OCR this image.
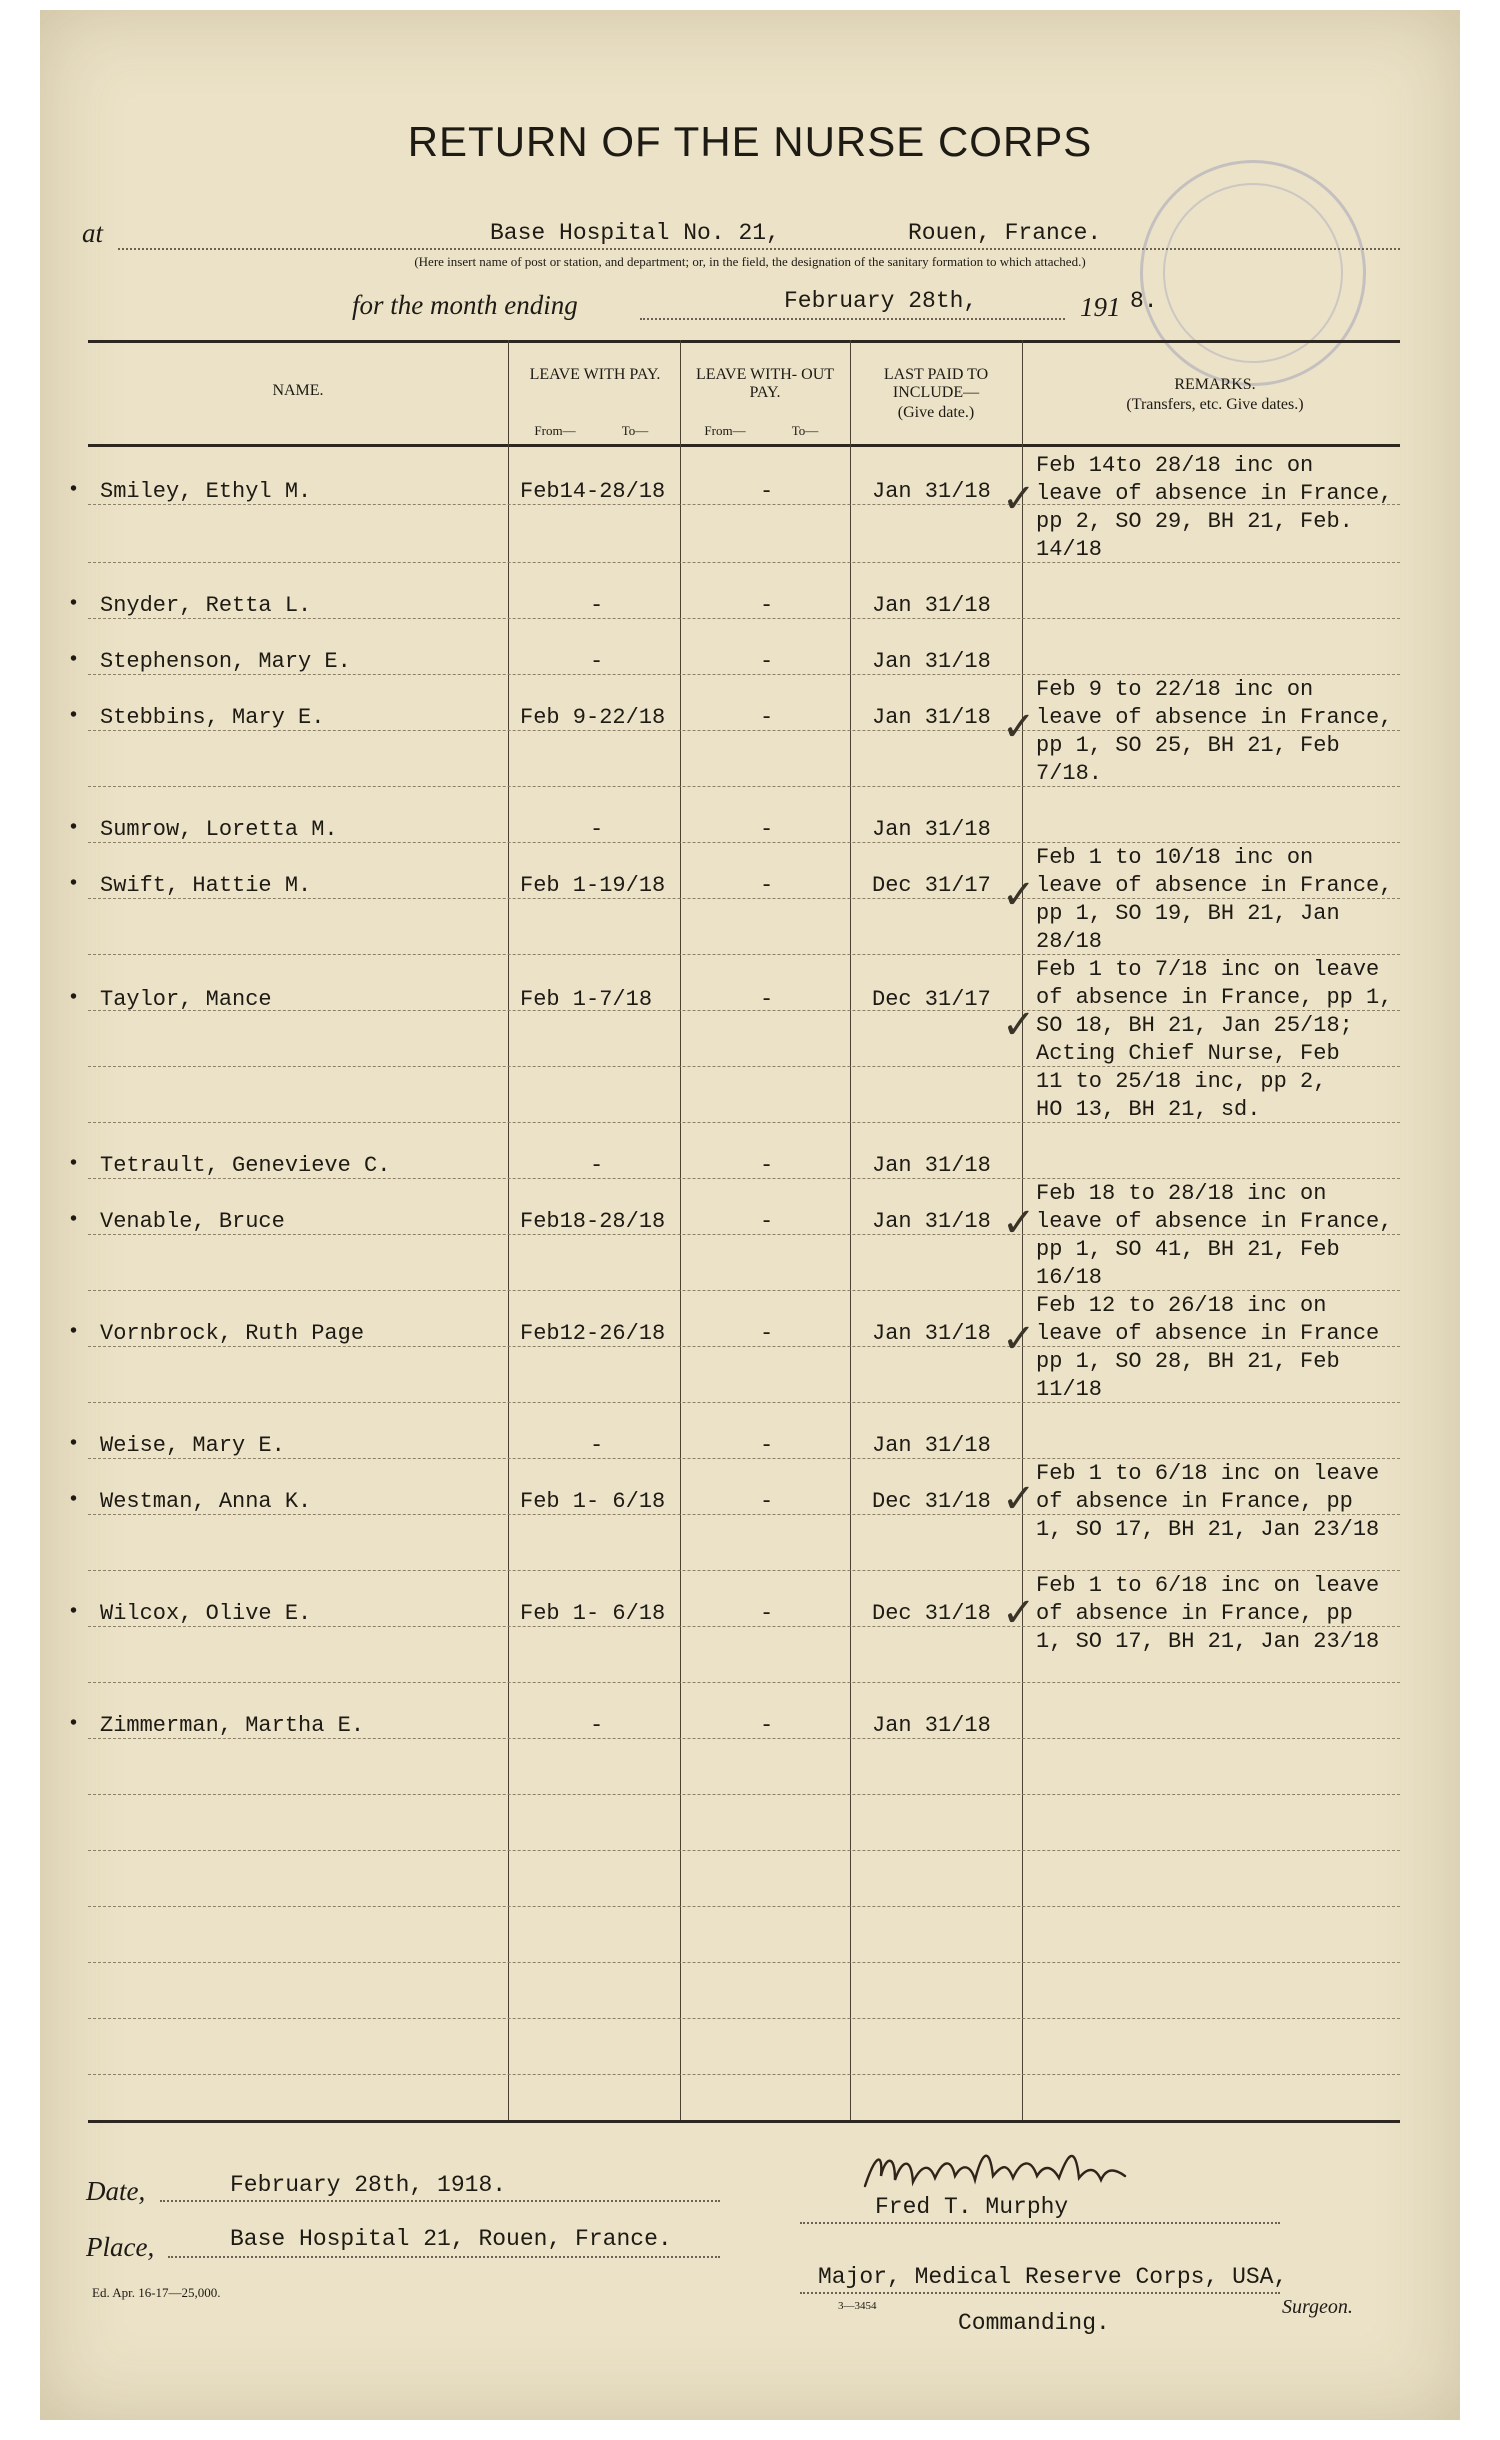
RETURN OF THE NURSE CORPS
at	Base Hospital No. 21,	Rouen, France.
(Here insert name of post or station, and department; or, in the field, the designation of the sanitary formation to which attached.)
for the month ending	February 28th,	191 8.
NAME.
LEAVE WITH PAY.
From—	To—
LEAVE WITH- OUT PAY.
From—	To—
LAST PAID TO INCLUDE—
(Give date.)
REMARKS.
(Transfers, etc. Give dates.)
• Smiley, Ethyl M.	Feb14-28/18	-	Jan 31/18 ✓
Feb 14to 28/18 inc on
leave of absence in France,
pp 2, SO 29, BH 21, Feb.
14/18
• Snyder, Retta L.	-	-	Jan 31/18
• Stephenson, Mary E.	-	-	Jan 31/18
• Stebbins, Mary E.	Feb 9-22/18	-	Jan 31/18 ✓
Feb 9 to 22/18 inc on
leave of absence in France,
pp 1, SO 25, BH 21, Feb
7/18.
• Sumrow, Loretta M.	-	-	Jan 31/18
• Swift, Hattie M.	Feb 1-19/18	-	Dec 31/17 ✓
Feb 1 to 10/18 inc on
leave of absence in France,
pp 1, SO 19, BH 21, Jan
28/18
• Taylor, Mance	Feb 1-7/18	-	Dec 31/17
✓
Feb 1 to 7/18 inc on leave
of absence in France, pp 1,
SO 18, BH 21, Jan 25/18;
Acting Chief Nurse, Feb
11 to 25/18 inc, pp 2,
HO 13, BH 21, sd.
• Tetrault, Genevieve C.	-	-	Jan 31/18
• Venable, Bruce	Feb18-28/18	-	Jan 31/18 ✓
Feb 18 to 28/18 inc on
leave of absence in France,
pp 1, SO 41, BH 21, Feb
16/18
• Vornbrock, Ruth Page	Feb12-26/18	-	Jan 31/18 ✓
Feb 12 to 26/18 inc on
leave of absence in France
pp 1, SO 28, BH 21, Feb
11/18
• Weise, Mary E.	-	-	Jan 31/18
• Westman, Anna K.	Feb 1- 6/18	-	Dec 31/18 ✓
Feb 1 to 6/18 inc on leave
of absence in France, pp
1, SO 17, BH 21, Jan 23/18
• Wilcox, Olive E.	Feb 1- 6/18	-	Dec 31/18 ✓
Feb 1 to 6/18 inc on leave
of absence in France, pp
1, SO 17, BH 21, Jan 23/18
• Zimmerman, Martha E.	-	-	Jan 31/18
Date,	February 28th, 1918.
Place,	Base Hospital 21, Rouen, France.
Ed. Apr. 16-17—25,000.
Fred T. Murphy
Major, Medical Reserve Corps, USA,
3—3454
Commanding.
Surgeon.
